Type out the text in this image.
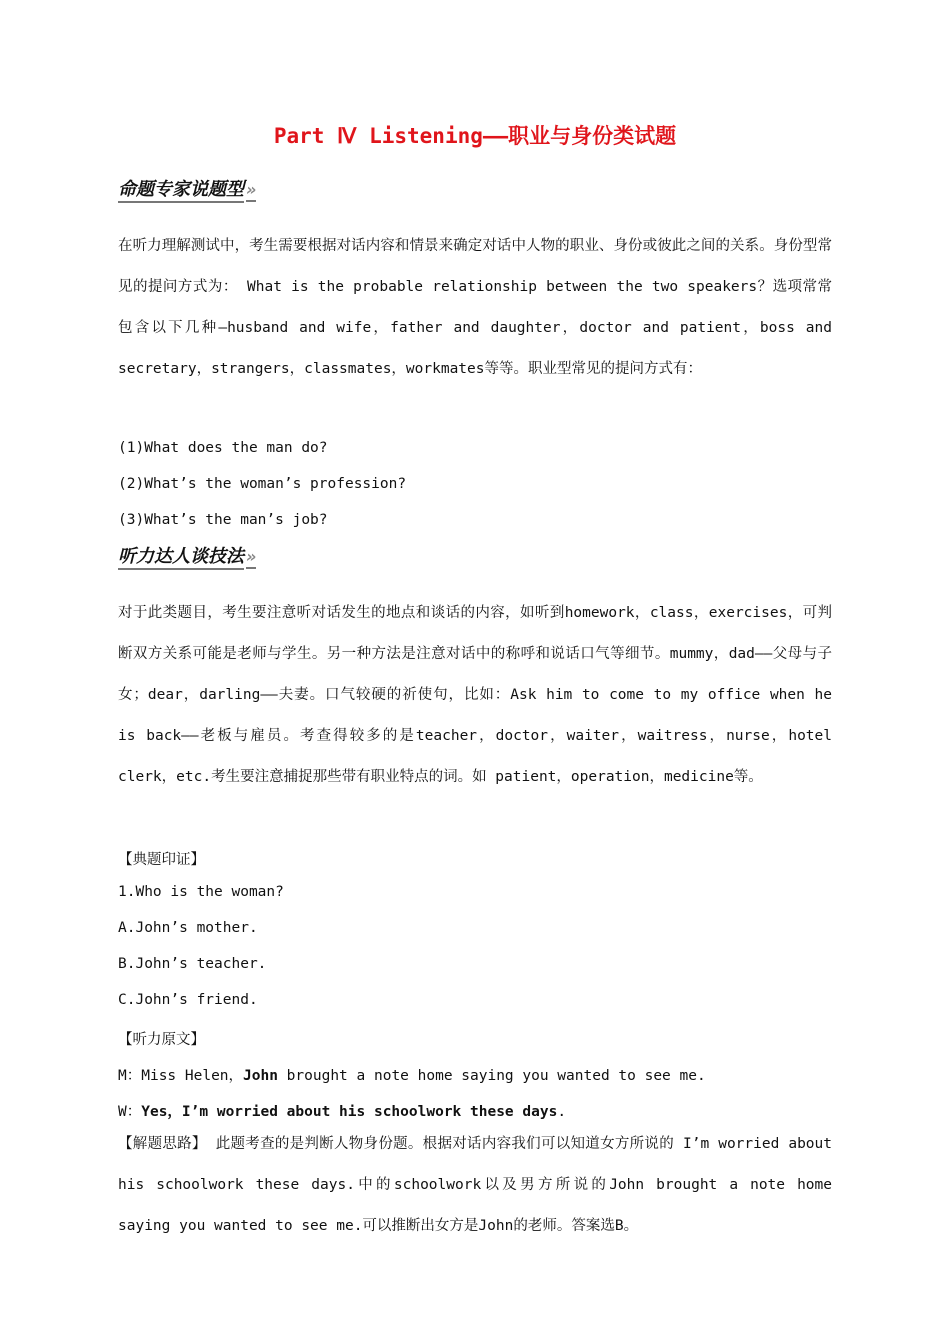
Part Ⅳ Listening——职业与身份类试题
命题专家说题型 »
在听力理解测试中，考生需要根据对话内容和情景来确定对话中人物的职业、身份或彼此之间的关系。身份型常见的提问方式为： What is the probable relationship between the two speakers？选项常常包含以下几种—husband and wife，father and daughter，doctor and patient，boss and secretary，strangers，classmates，workmates等等。职业型常见的提问方式有：
(1)What does the man do?
(2)What’s the woman’s profession?
(3)What’s the man’s job?
听力达人谈技法 »
对于此类题目，考生要注意听对话发生的地点和谈话的内容，如听到homework，class，exercises，可判断双方关系可能是老师与学生。另一种方法是注意对话中的称呼和说话口气等细节。mummy，dad——父母与子女；dear，darling——夫妻。口气较硬的祈使句，比如：Ask him to come to my office when he is back——老板与雇员。考查得较多的是teacher，doctor，waiter，waitress，nurse，hotel clerk，etc.考生要注意捕捉那些带有职业特点的词。如 patient，operation，medicine等。
【典题印证】
1.Who is the woman?
A.John’s mother.
B.John’s teacher.
C.John’s friend.
【听力原文】
M：Miss Helen，John brought a note home saying you wanted to see me.
W：Yes，I’m worried about his schoolwork these days.
【解题思路】 此题考查的是判断人物身份题。根据对话内容我们可以知道女方所说的 I’m worried about his schoolwork these days.中的schoolwork以及男方所说的John brought a note home saying you wanted to see me.可以推断出女方是John的老师。答案选B。
